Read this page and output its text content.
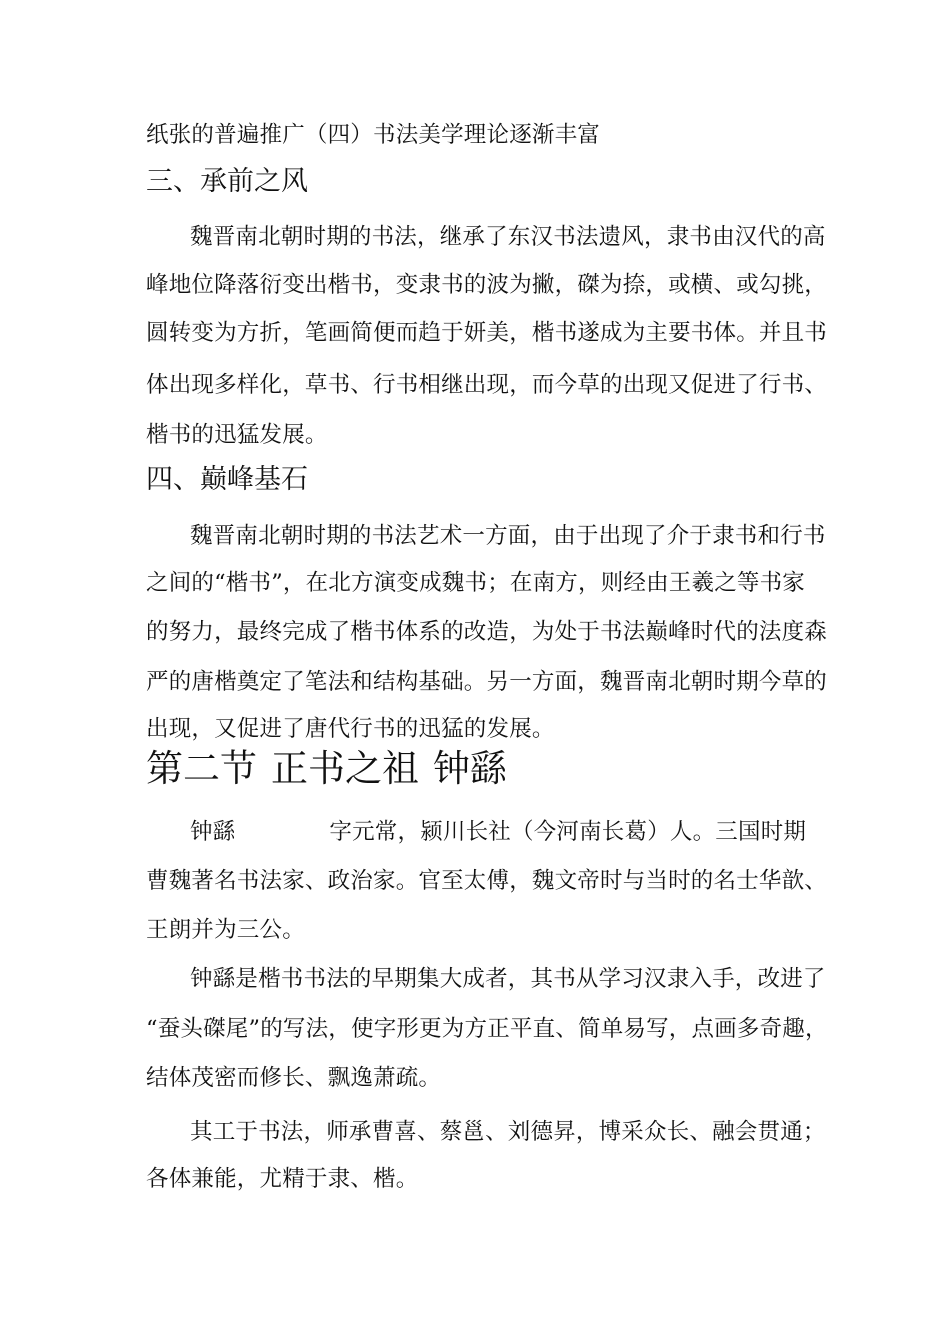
纸张的普遍推广（四）书法美学理论逐渐丰富
三、承前之风
魏晋南北朝时期的书法，继承了东汉书法遗风，隶书由汉代的高
峰地位降落衍变出楷书，变隶书的波为撇，磔为捺，或横、或勾挑，
圆转变为方折，笔画简便而趋于妍美，楷书遂成为主要书体。并且书
体出现多样化，草书、行书相继出现，而今草的出现又促进了行书、
楷书的迅猛发展。
四、巅峰基石
魏晋南北朝时期的书法艺术一方面，由于出现了介于隶书和行书
之间的“楷书”，在北方演变成魏书；在南方，则经由王羲之等书家
的努力，最终完成了楷书体系的改造，为处于书法巅峰时代的法度森
严的唐楷奠定了笔法和结构基础。另一方面，魏晋南北朝时期今草的
出现，又促进了唐代行书的迅猛的发展。
第二节 正书之祖 钟繇
钟繇	字元常，颍川长社（今河南长葛）人。三国时期
曹魏著名书法家、政治家。官至太傅，魏文帝时与当时的名士华歆、
王朗并为三公。
钟繇是楷书书法的早期集大成者，其书从学习汉隶入手，改进了
“蚕头磔尾”的写法，使字形更为方正平直、简单易写，点画多奇趣，
结体茂密而修长、飘逸萧疏。
其工于书法，师承曹喜、蔡邕、刘德昇，博采众长、融会贯通；
各体兼能，尤精于隶、楷。
